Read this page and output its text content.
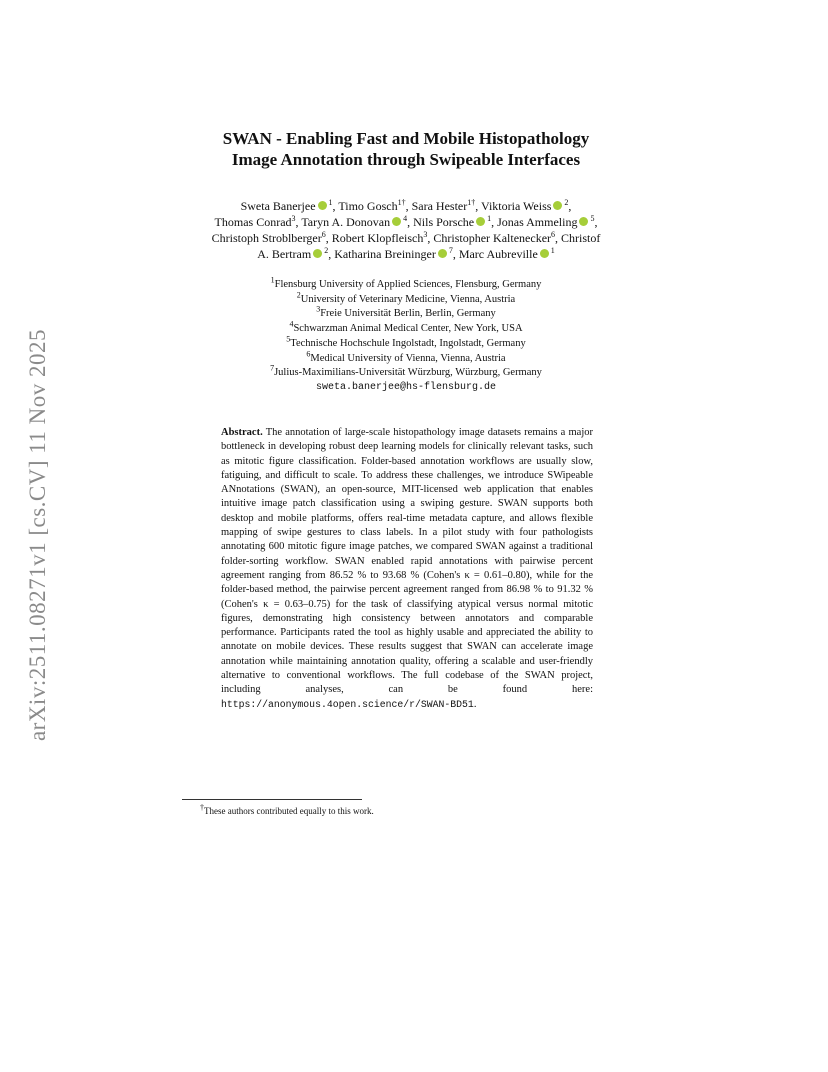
arXiv:2511.08271v1 [cs.CV] 11 Nov 2025
SWAN - Enabling Fast and Mobile Histopathology
Image Annotation through Swipeable Interfaces
Sweta Banerjee $^1$, Timo Gosch$^{1\dagger}$, Sara Hester$^{1\dagger}$, Viktoria Weiss $^2$,
Thomas Conrad$^3$, Taryn A. Donovan $^4$, Nils Porsche $^1$, Jonas Ammeling $^5$,
Christoph Stroblberger$^6$, Robert Klopfleisch$^3$, Christopher Kaltenecker$^6$, Christof
A. Bertram $^2$, Katharina Breininger $^7$, Marc Aubreville $^1$
$^1$Flensburg University of Applied Sciences, Flensburg, Germany
$^2$University of Veterinary Medicine, Vienna, Austria
$^3$Freie Universität Berlin, Berlin, Germany
$^4$Schwarzman Animal Medical Center, New York, USA
$^5$Technische Hochschule Ingolstadt, Ingolstadt, Germany
$^6$Medical University of Vienna, Vienna, Austria
$^7$Julius-Maximilians-Universität Würzburg, Würzburg, Germany
sweta.banerjee@hs-flensburg.de
Abstract. The annotation of large-scale histopathology image datasets remains a major bottleneck in developing robust deep learning models for clinically relevant tasks, such as mitotic figure classification. Folder-based annotation workflows are usually slow, fatiguing, and difficult to scale. To address these challenges, we introduce SWipeable ANnotations (SWAN), an open-source, MIT-licensed web application that enables intuitive image patch classification using a swiping gesture. SWAN supports both desktop and mobile platforms, offers real-time metadata capture, and allows flexible mapping of swipe gestures to class labels. In a pilot study with four pathologists annotating 600 mitotic figure image patches, we compared SWAN against a traditional folder-sorting workflow. SWAN enabled rapid annotations with pairwise percent agreement ranging from 86.52 % to 93.68 % (Cohen's κ = 0.61–0.80), while for the folder-based method, the pairwise percent agreement ranged from 86.98 % to 91.32 % (Cohen's κ = 0.63–0.75) for the task of classifying atypical versus normal mitotic figures, demonstrating high consistency between annotators and comparable performance. Participants rated the tool as highly usable and appreciated the ability to annotate on mobile devices. These results suggest that SWAN can accelerate image annotation while maintaining annotation quality, offering a scalable and user-friendly alternative to conventional workflows. The full codebase of the SWAN project, including analyses, can be found here: https://anonymous.4open.science/r/SWAN-BD51.
†These authors contributed equally to this work.
